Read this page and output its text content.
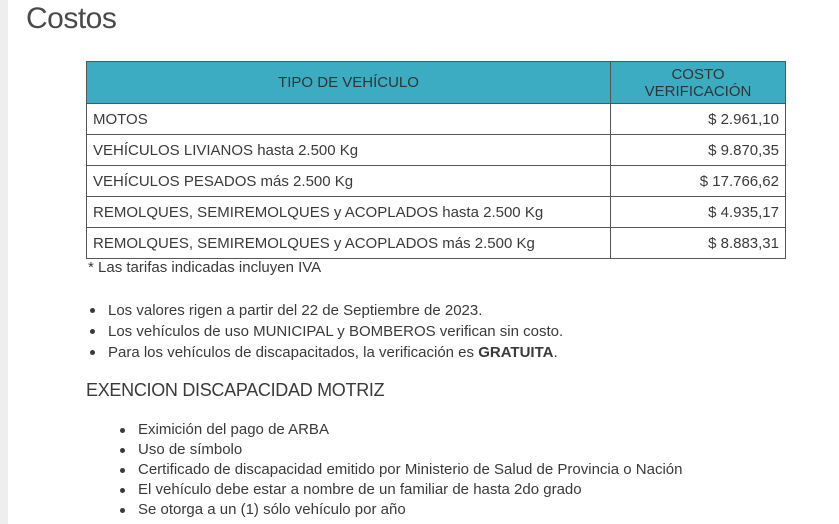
Costos
TIPO DE VEHÍCULO	COSTO VERIFICACIÓN
MOTOS	$ 2.961,10
VEHÍCULOS LIVIANOS hasta 2.500 Kg	$ 9.870,35
VEHÍCULOS PESADOS más 2.500 Kg	$ 17.766,62
REMOLQUES, SEMIREMOLQUES y ACOPLADOS hasta 2.500 Kg	$ 4.935,17
REMOLQUES, SEMIREMOLQUES y ACOPLADOS más 2.500 Kg	$ 8.883,31
* Las tarifas indicadas incluyen IVA
Los valores rigen a partir del 22 de Septiembre de 2023.
Los vehículos de uso MUNICIPAL y BOMBEROS verifican sin costo.
Para los vehículos de discapacitados, la verificación es GRATUITA.
EXENCION DISCAPACIDAD MOTRIZ
Eximición del pago de ARBA
Uso de símbolo
Certificado de discapacidad emitido por Ministerio de Salud de Provincia o Nación
El vehículo debe estar a nombre de un familiar de hasta 2do grado
Se otorga a un (1) sólo vehículo por año
